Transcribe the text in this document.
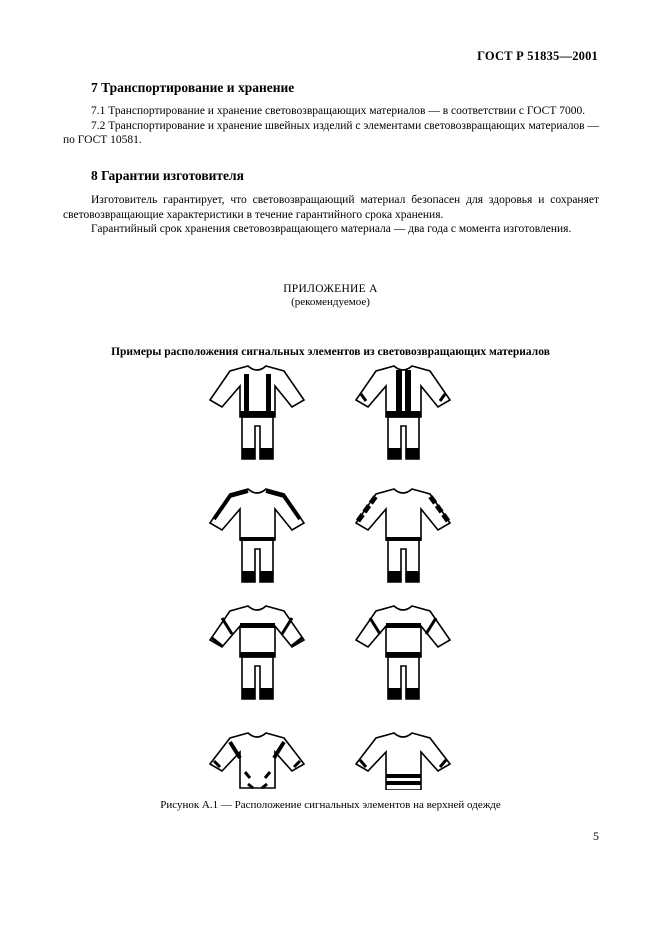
ГОСТ Р 51835—2001
7 Транспортирование и хранение

7.1 Транспортирование и хранение световозвращающих материалов — в соответствии с ГОСТ 7000.

7.2 Транспортирование и хранение швейных изделий с элементами световозвращающих материалов — по ГОСТ 10581.

8 Гарантии изготовителя

Изготовитель гарантирует, что световозвращающий материал безопасен для здоровья и сохраняет световозвращающие характеристики в течение гарантийного срока хранения.

Гарантийный срок хранения световозвращающего материала — два года с момента изготовления.

ПРИЛОЖЕНИЕ А
(рекомендуемое)
Примеры расположения сигнальных элементов из световозвращающих материалов
Рисунок А.1 — Расположение сигнальных элементов на верхней одежде
5
